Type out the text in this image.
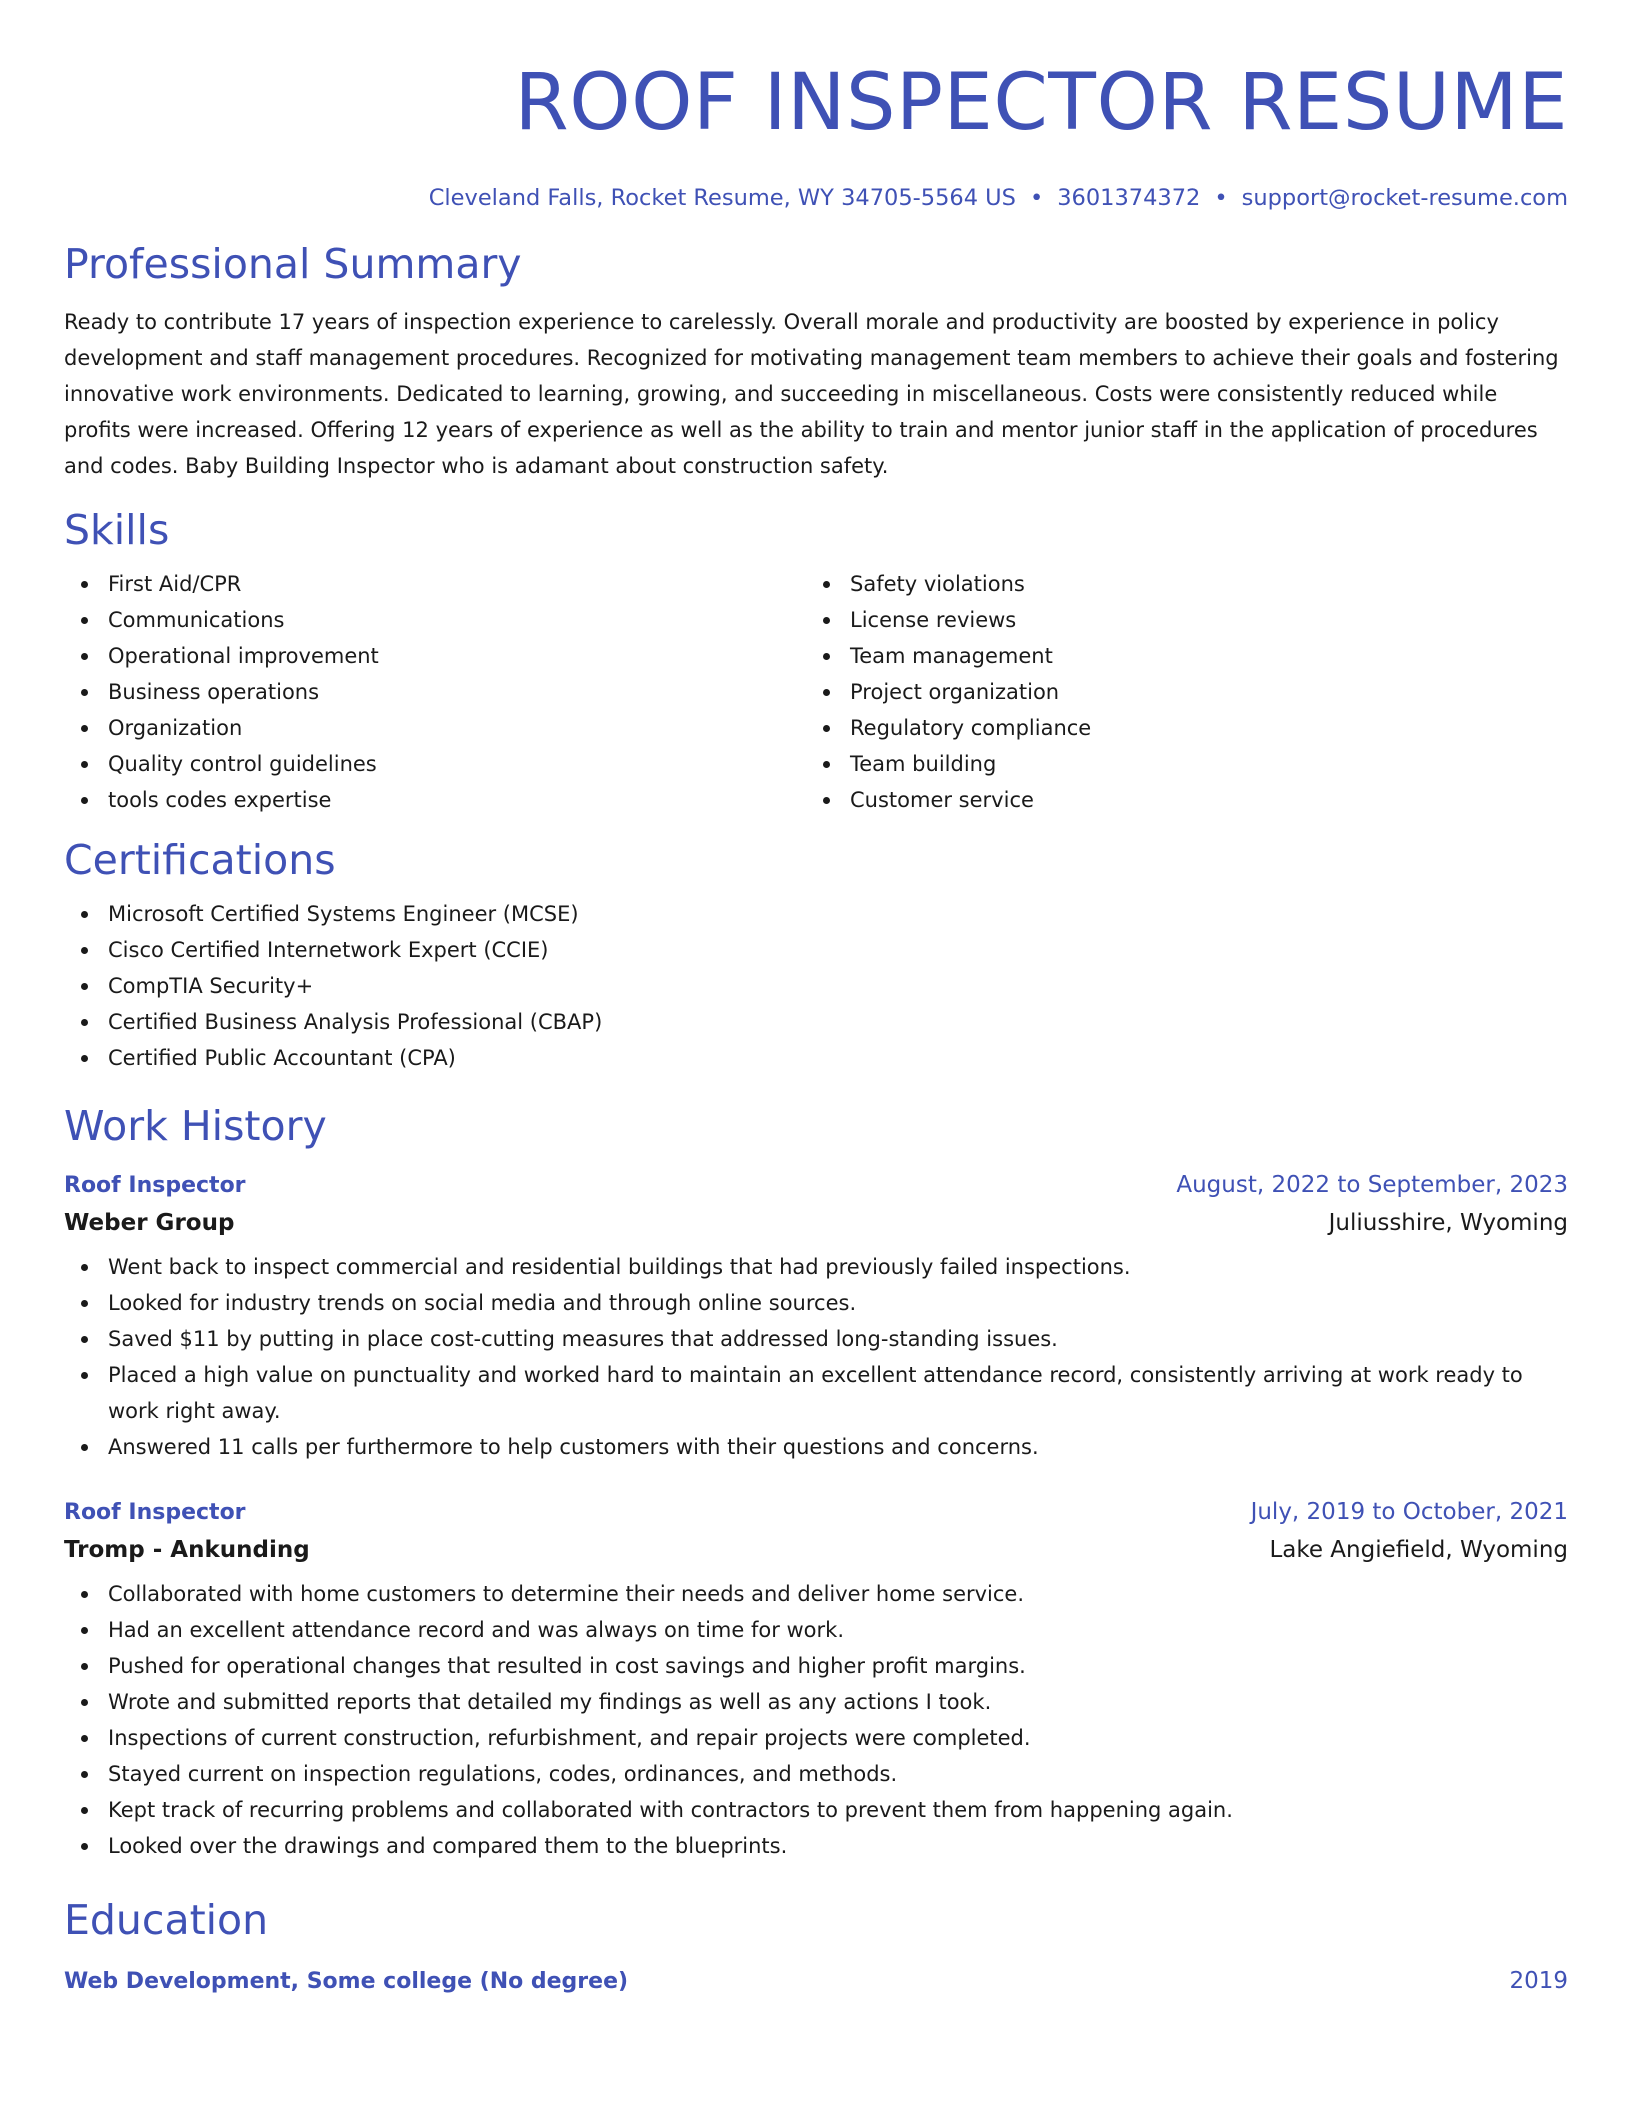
ROOF INSPECTOR RESUME
Cleveland Falls, Rocket Resume, WY 34705-5564 US • 3601374372 • support@rocket-resume.com
Professional Summary

Ready to contribute 17 years of inspection experience to carelessly. Overall morale and productivity are boosted by experience in policy development and staff management procedures. Recognized for motivating management team members to achieve their goals and fostering innovative work environments. Dedicated to learning, growing, and succeeding in miscellaneous. Costs were consistently reduced while profits were increased. Offering 12 years of experience as well as the ability to train and mentor junior staff in the application of procedures and codes. Baby Building Inspector who is adamant about construction safety.

Skills
First Aid/CPR
Communications
Operational improvement
Business operations
Organization
Quality control guidelines
tools codes expertise
Safety violations
License reviews
Team management
Project organization
Regulatory compliance
Team building
Customer service
Certifications
Microsoft Certified Systems Engineer (MCSE)
Cisco Certified Internetwork Expert (CCIE)
CompTIA Security+
Certified Business Analysis Professional (CBAP)
Certified Public Accountant (CPA)
Work History
Roof Inspector	August, 2022 to September, 2023
Weber Group	Juliusshire, Wyoming
Went back to inspect commercial and residential buildings that had previously failed inspections.
Looked for industry trends on social media and through online sources.
Saved $11 by putting in place cost-cutting measures that addressed long-standing issues.
Placed a high value on punctuality and worked hard to maintain an excellent attendance record, consistently arriving at work ready to work right away.
Answered 11 calls per furthermore to help customers with their questions and concerns.
Roof Inspector	July, 2019 to October, 2021
Tromp - Ankunding	Lake Angiefield, Wyoming
Collaborated with home customers to determine their needs and deliver home service.
Had an excellent attendance record and was always on time for work.
Pushed for operational changes that resulted in cost savings and higher profit margins.
Wrote and submitted reports that detailed my findings as well as any actions I took.
Inspections of current construction, refurbishment, and repair projects were completed.
Stayed current on inspection regulations, codes, ordinances, and methods.
Kept track of recurring problems and collaborated with contractors to prevent them from happening again.
Looked over the drawings and compared them to the blueprints.
Education
Web Development, Some college (No degree)	2019
